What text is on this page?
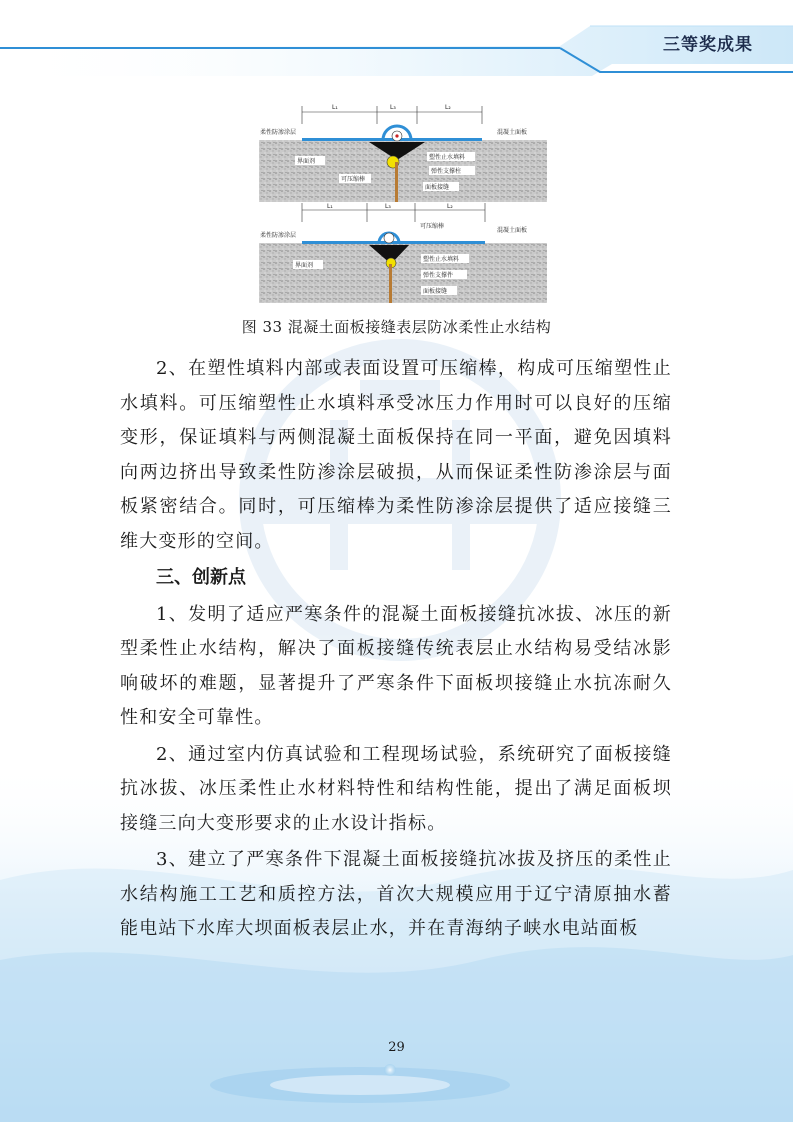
三等奖成果
L₁	L₃	L₂
柔性防渗涂层	混凝土面板
界面剂
塑性止水填料
可压缩棒
弹性支撑柱
面板接缝
L₁	L₃	L₂
柔性防渗涂层
可压缩棒
混凝土面板
界面剂
塑性止水填料
弹性支撑件
面板接缝
图 33 混凝土面板接缝表层防冰柔性止水结构

2、在塑性填料内部或表面设置可压缩棒，构成可压缩塑性止水填料。可压缩塑性止水填料承受冰压力作用时可以良好的压缩变形，保证填料与两侧混凝土面板保持在同一平面，避免因填料向两边挤出导致柔性防渗涂层破损，从而保证柔性防渗涂层与面板紧密结合。同时，可压缩棒为柔性防渗涂层提供了适应接缝三维大变形的空间。

三、创新点

1、发明了适应严寒条件的混凝土面板接缝抗冰拔、冰压的新型柔性止水结构，解决了面板接缝传统表层止水结构易受结冰影响破坏的难题，显著提升了严寒条件下面板坝接缝止水抗冻耐久性和安全可靠性。

2、通过室内仿真试验和工程现场试验，系统研究了面板接缝抗冰拔、冰压柔性止水材料特性和结构性能，提出了满足面板坝接缝三向大变形要求的止水设计指标。

3、建立了严寒条件下混凝土面板接缝抗冰拔及挤压的柔性止水结构施工工艺和质控方法，首次大规模应用于辽宁清原抽水蓄能电站下水库大坝面板表层止水，并在青海纳子峡水电站面板

29
